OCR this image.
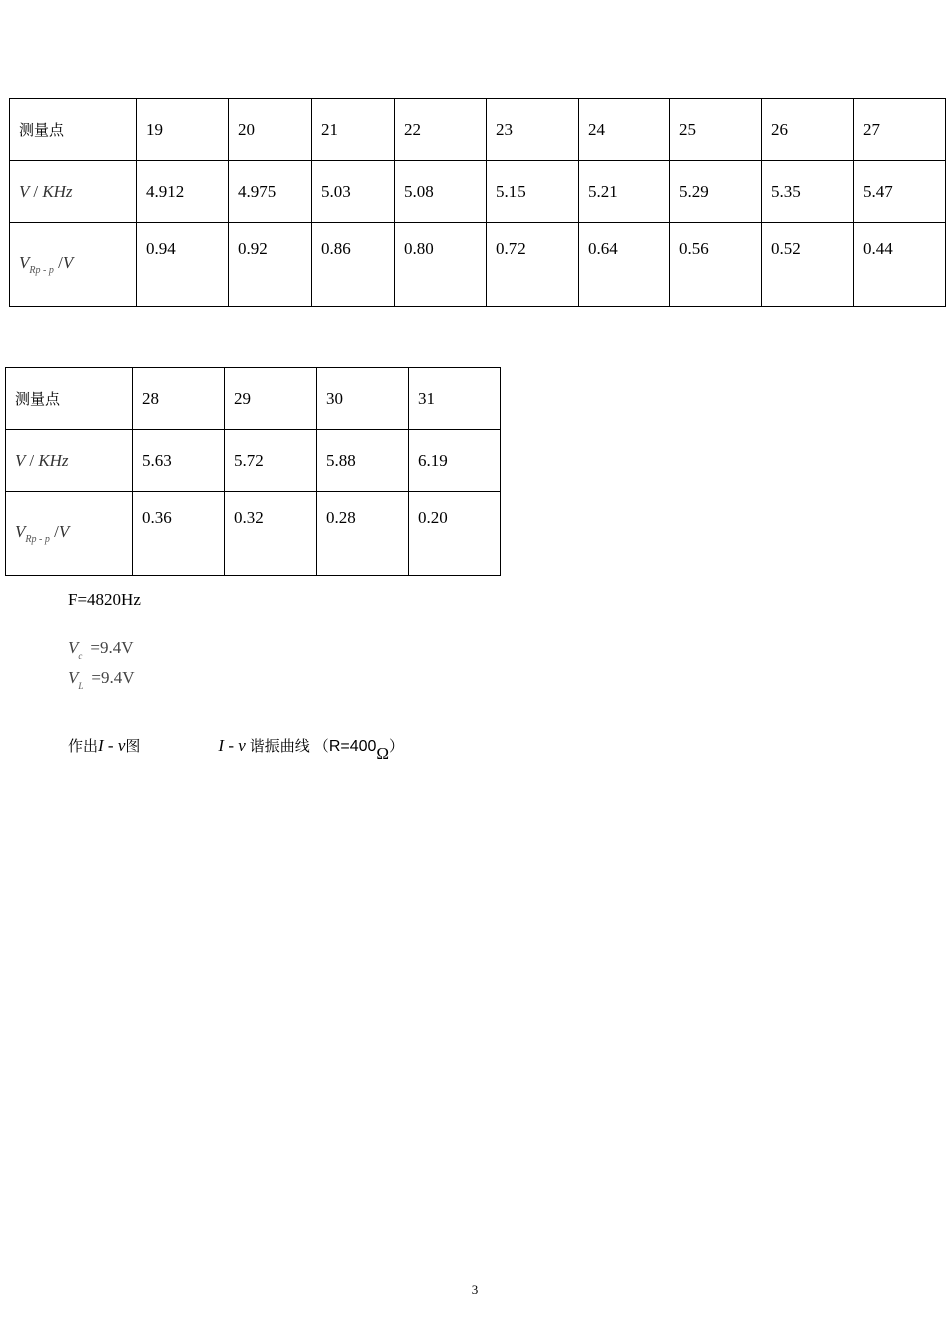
测量点	19	20	21	22	23	24	25	26	27
V / KHz	4.912	4.975	5.03	5.08	5.15	5.21	5.29	5.35	5.47
$V_{Rp - p}$ /V	0.94	0.92	0.86	0.80	0.72	0.64	0.56	0.52	0.44
测量点	28	29	30	31
V / KHz	5.63	5.72	5.88	6.19
$V_{Rp - p}$ /V	0.36	0.32	0.28	0.20
F=4820Hz
$V_c =9.4V$
$V_L =9.4V$
作出I - ν图	I - ν 谐振曲线 （R=400Ω）
3
